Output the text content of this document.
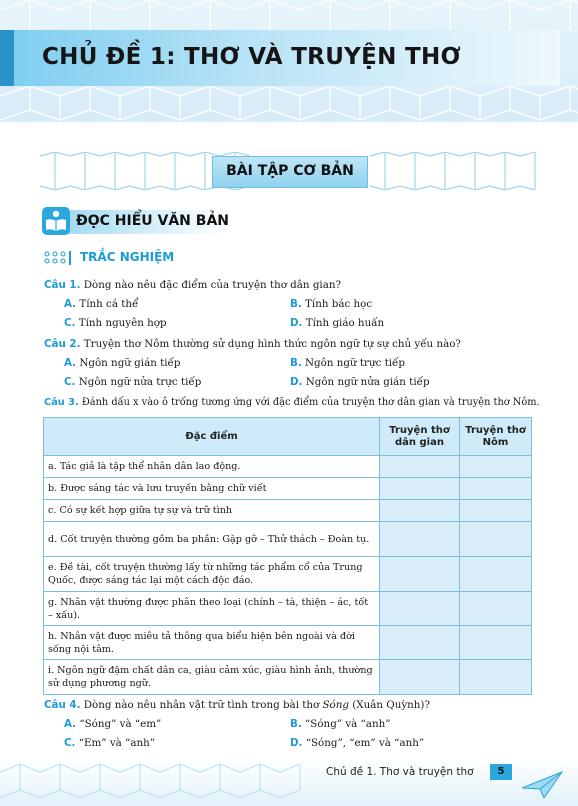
CHỦ ĐỀ 1: THƠ VÀ TRUYỆN THƠ
BÀI TẬP CƠ BẢN
ĐỌC HIỂU VĂN BẢN
TRẮC NGHIỆM
Câu 1. Dòng nào nêu đặc điểm của truyện thơ dân gian?
A. Tính cá thể	B. Tính bác học
C. Tính nguyên hợp	D. Tính giáo huấn
Câu 2. Truyện thơ Nôm thường sử dụng hình thức ngôn ngữ tự sự chủ yếu nào?
A. Ngôn ngữ gián tiếp	B. Ngôn ngữ trực tiếp
C. Ngôn ngữ nửa trực tiếp	D. Ngôn ngữ nửa gián tiếp
Câu 3. Đánh dấu x vào ô trống tương ứng với đặc điểm của truyện thơ dân gian và truyện thơ Nôm.
Đặc điểm	Truyện thơ dân gian	Truyện thơ Nôm
a. Tác giả là tập thể nhân dân lao động.		
b. Được sáng tác và lưu truyền bằng chữ viết		
c. Có sự kết hợp giữa tự sự và trữ tình		
d. Cốt truyện thường gồm ba phần: Gặp gỡ – Thử thách – Đoàn tụ.		
e. Đề tài, cốt truyện thường lấy từ những tác phẩm cổ của Trung Quốc, được sáng tác lại một cách độc đáo.		
g. Nhân vật thường được phân theo loại (chính – tà, thiện – ác, tốt – xấu).		
h. Nhân vật được miêu tả thông qua biểu hiện bên ngoài và đời sống nội tâm.		
i. Ngôn ngữ đậm chất dân ca, giàu cảm xúc, giàu hình ảnh, thường sử dụng phương ngữ.		
Câu 4. Dòng nào nêu nhân vật trữ tình trong bài thơ Sóng (Xuân Quỳnh)?
A. “Sóng” và “em”	B. “Sóng” và “anh”
C. “Em” và “anh”	D. “Sóng”, “em” và “anh”
Chủ đề 1. Thơ và truyện thơ	5
